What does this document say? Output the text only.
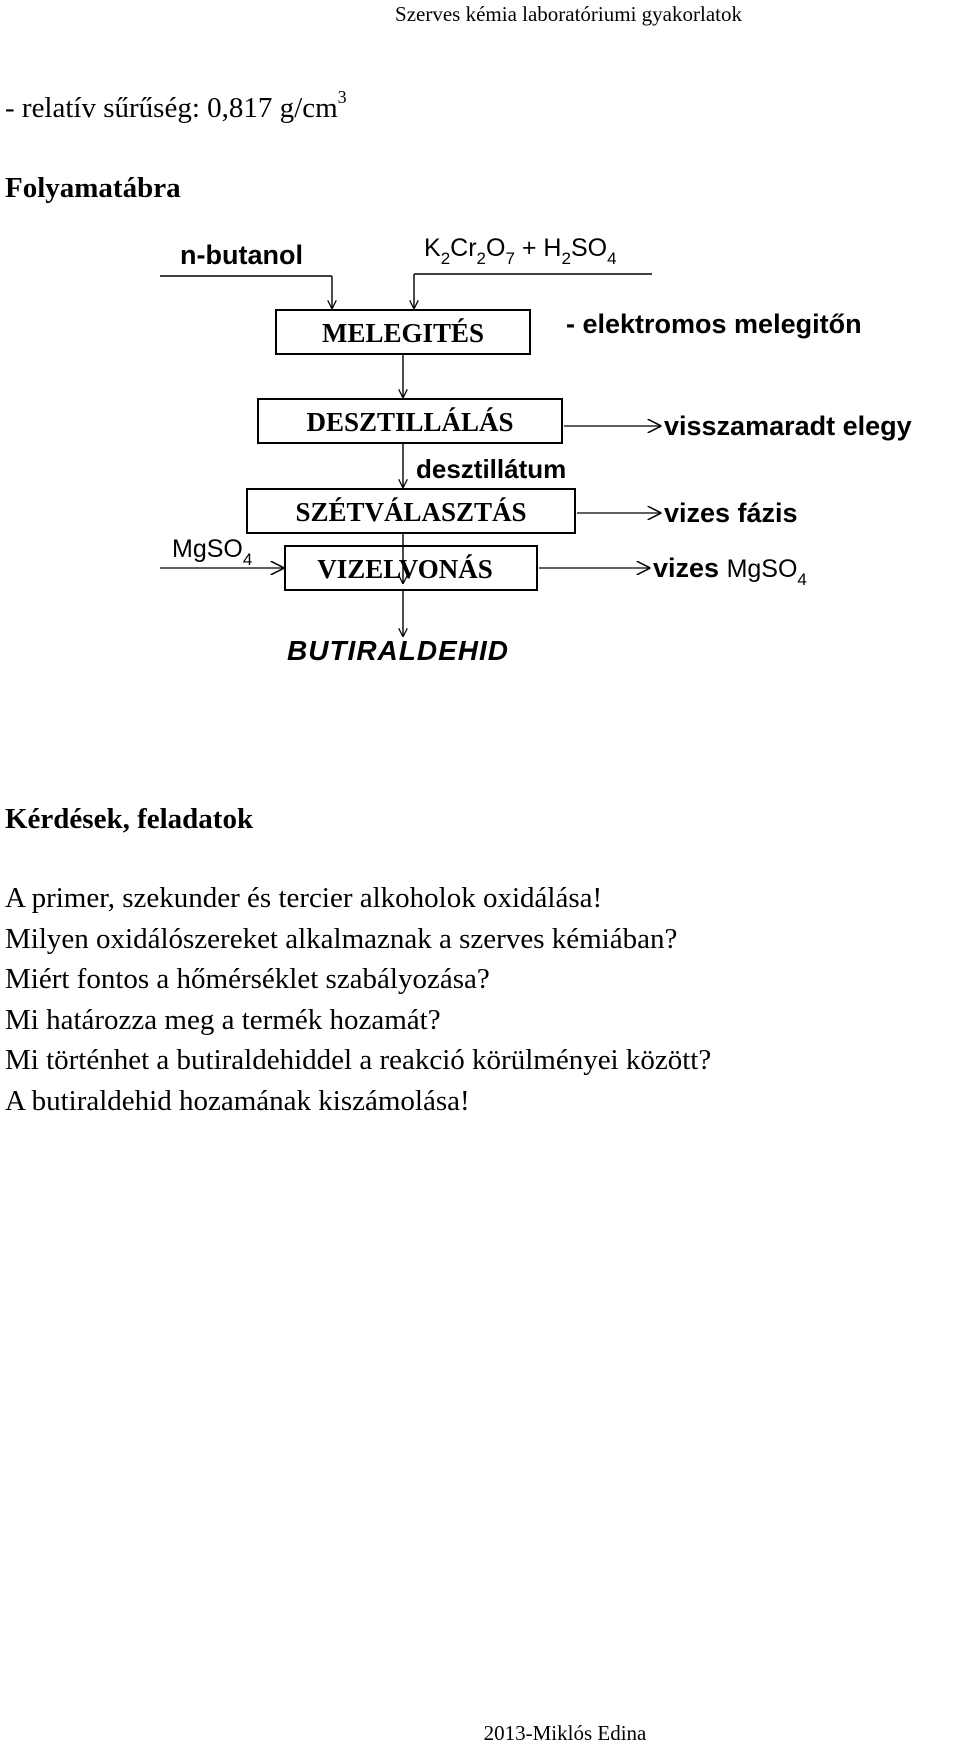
Szerves kémia laboratóriumi gyakorlatok
- relatív sűrűség: 0,817 $g/cm^3$
Folyamatábra
n-butanol	$K_2Cr_2O_7 + H_2SO_4$
MELEGITÉS	- elektromos melegitőn
DESZTILLÁLÁS	visszamaradt elegy
desztillátum
SZÉTVÁLASZTÁS	vizes fázis
MgSO$_4$ VIZELVONÁS	vizes MgSO$_4$
BUTIRALDEHID
Kérdések, feladatok
A primer, szekunder és tercier alkoholok oxidálása!
Milyen oxidálószereket alkalmaznak a szerves kémiában?
Miért fontos a hőmérséklet szabályozása?
Mi határozza meg a termék hozamát?
Mi történhet a butiraldehiddel a reakció körülményei között?
A butiraldehid hozamának kiszámolása!
2013-Miklós Edina
